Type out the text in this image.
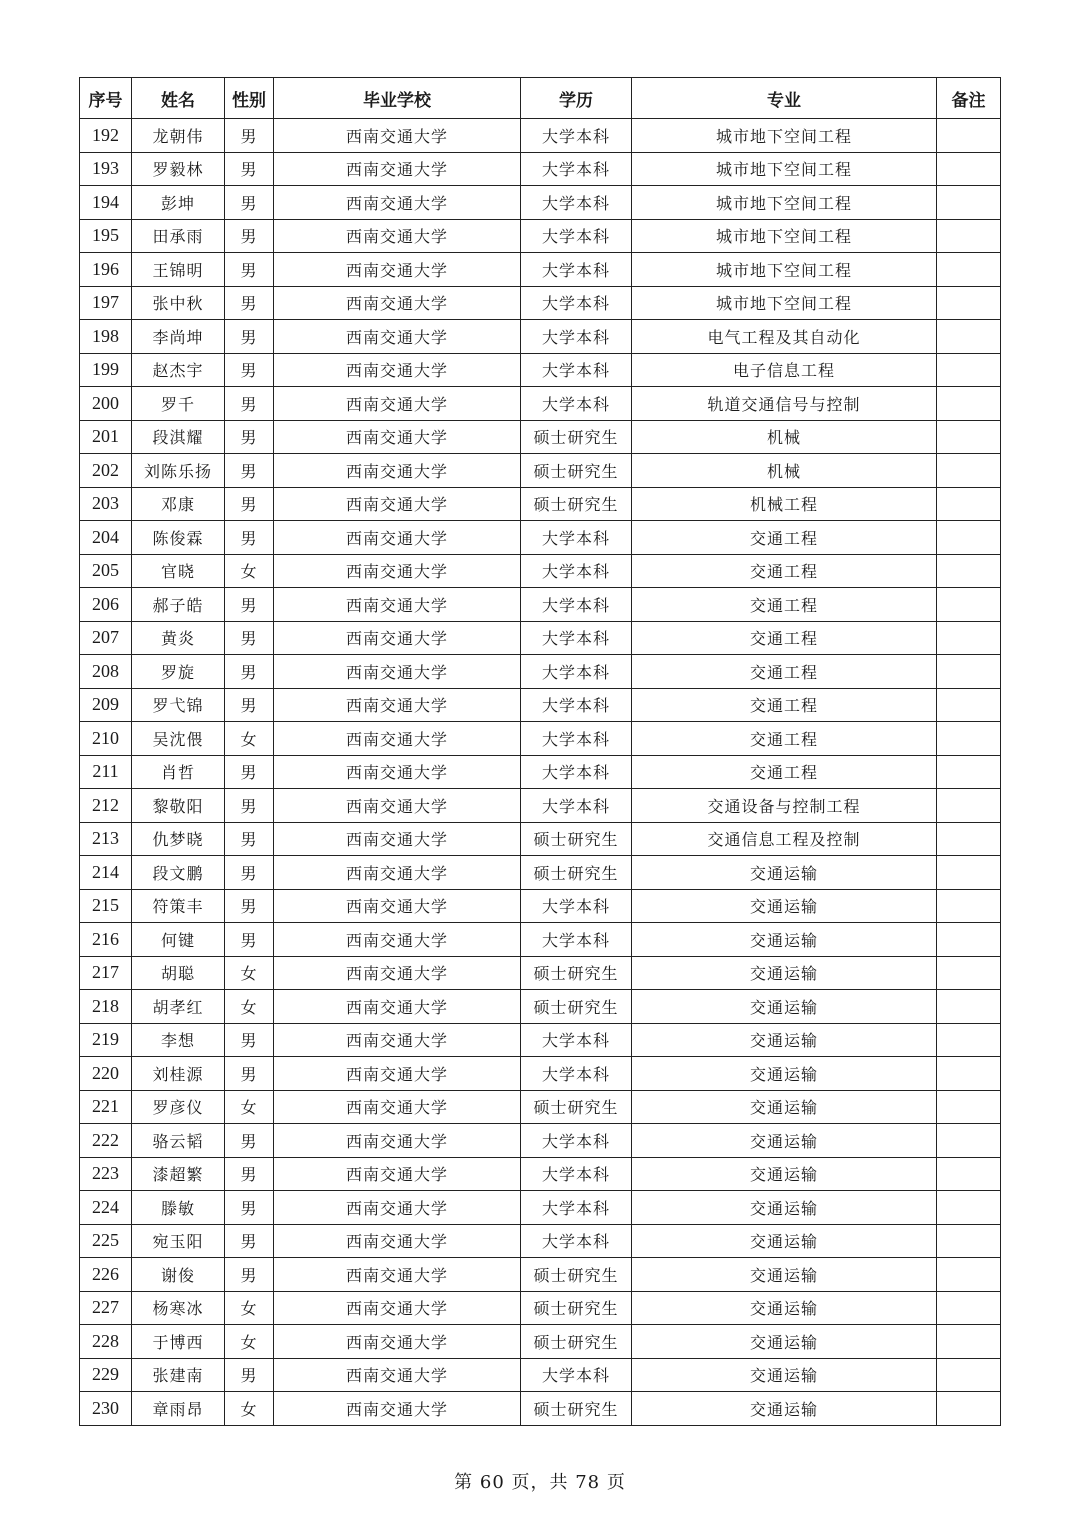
序号	姓名	性别	毕业学校	学历	专业	备注
192	龙朝伟	男	西南交通大学	大学本科	城市地下空间工程	
193	罗毅林	男	西南交通大学	大学本科	城市地下空间工程	
194	彭坤	男	西南交通大学	大学本科	城市地下空间工程	
195	田承雨	男	西南交通大学	大学本科	城市地下空间工程	
196	王锦明	男	西南交通大学	大学本科	城市地下空间工程	
197	张中秋	男	西南交通大学	大学本科	城市地下空间工程	
198	李尚坤	男	西南交通大学	大学本科	电气工程及其自动化	
199	赵杰宇	男	西南交通大学	大学本科	电子信息工程	
200	罗千	男	西南交通大学	大学本科	轨道交通信号与控制	
201	段淇耀	男	西南交通大学	硕士研究生	机械	
202	刘陈乐扬	男	西南交通大学	硕士研究生	机械	
203	邓康	男	西南交通大学	硕士研究生	机械工程	
204	陈俊霖	男	西南交通大学	大学本科	交通工程	
205	官晓	女	西南交通大学	大学本科	交通工程	
206	郝子皓	男	西南交通大学	大学本科	交通工程	
207	黄炎	男	西南交通大学	大学本科	交通工程	
208	罗旋	男	西南交通大学	大学本科	交通工程	
209	罗弋锦	男	西南交通大学	大学本科	交通工程	
210	吴沈偎	女	西南交通大学	大学本科	交通工程	
211	肖哲	男	西南交通大学	大学本科	交通工程	
212	黎敬阳	男	西南交通大学	大学本科	交通设备与控制工程	
213	仇梦晓	男	西南交通大学	硕士研究生	交通信息工程及控制	
214	段文鹏	男	西南交通大学	硕士研究生	交通运输	
215	符策丰	男	西南交通大学	大学本科	交通运输	
216	何键	男	西南交通大学	大学本科	交通运输	
217	胡聪	女	西南交通大学	硕士研究生	交通运输	
218	胡孝红	女	西南交通大学	硕士研究生	交通运输	
219	李想	男	西南交通大学	大学本科	交通运输	
220	刘桂源	男	西南交通大学	大学本科	交通运输	
221	罗彦仪	女	西南交通大学	硕士研究生	交通运输	
222	骆云韬	男	西南交通大学	大学本科	交通运输	
223	漆超繁	男	西南交通大学	大学本科	交通运输	
224	滕敏	男	西南交通大学	大学本科	交通运输	
225	宛玉阳	男	西南交通大学	大学本科	交通运输	
226	谢俊	男	西南交通大学	硕士研究生	交通运输	
227	杨寒冰	女	西南交通大学	硕士研究生	交通运输	
228	于博西	女	西南交通大学	硕士研究生	交通运输	
229	张建南	男	西南交通大学	大学本科	交通运输	
230	章雨昂	女	西南交通大学	硕士研究生	交通运输	
第 60 页，共 78 页
